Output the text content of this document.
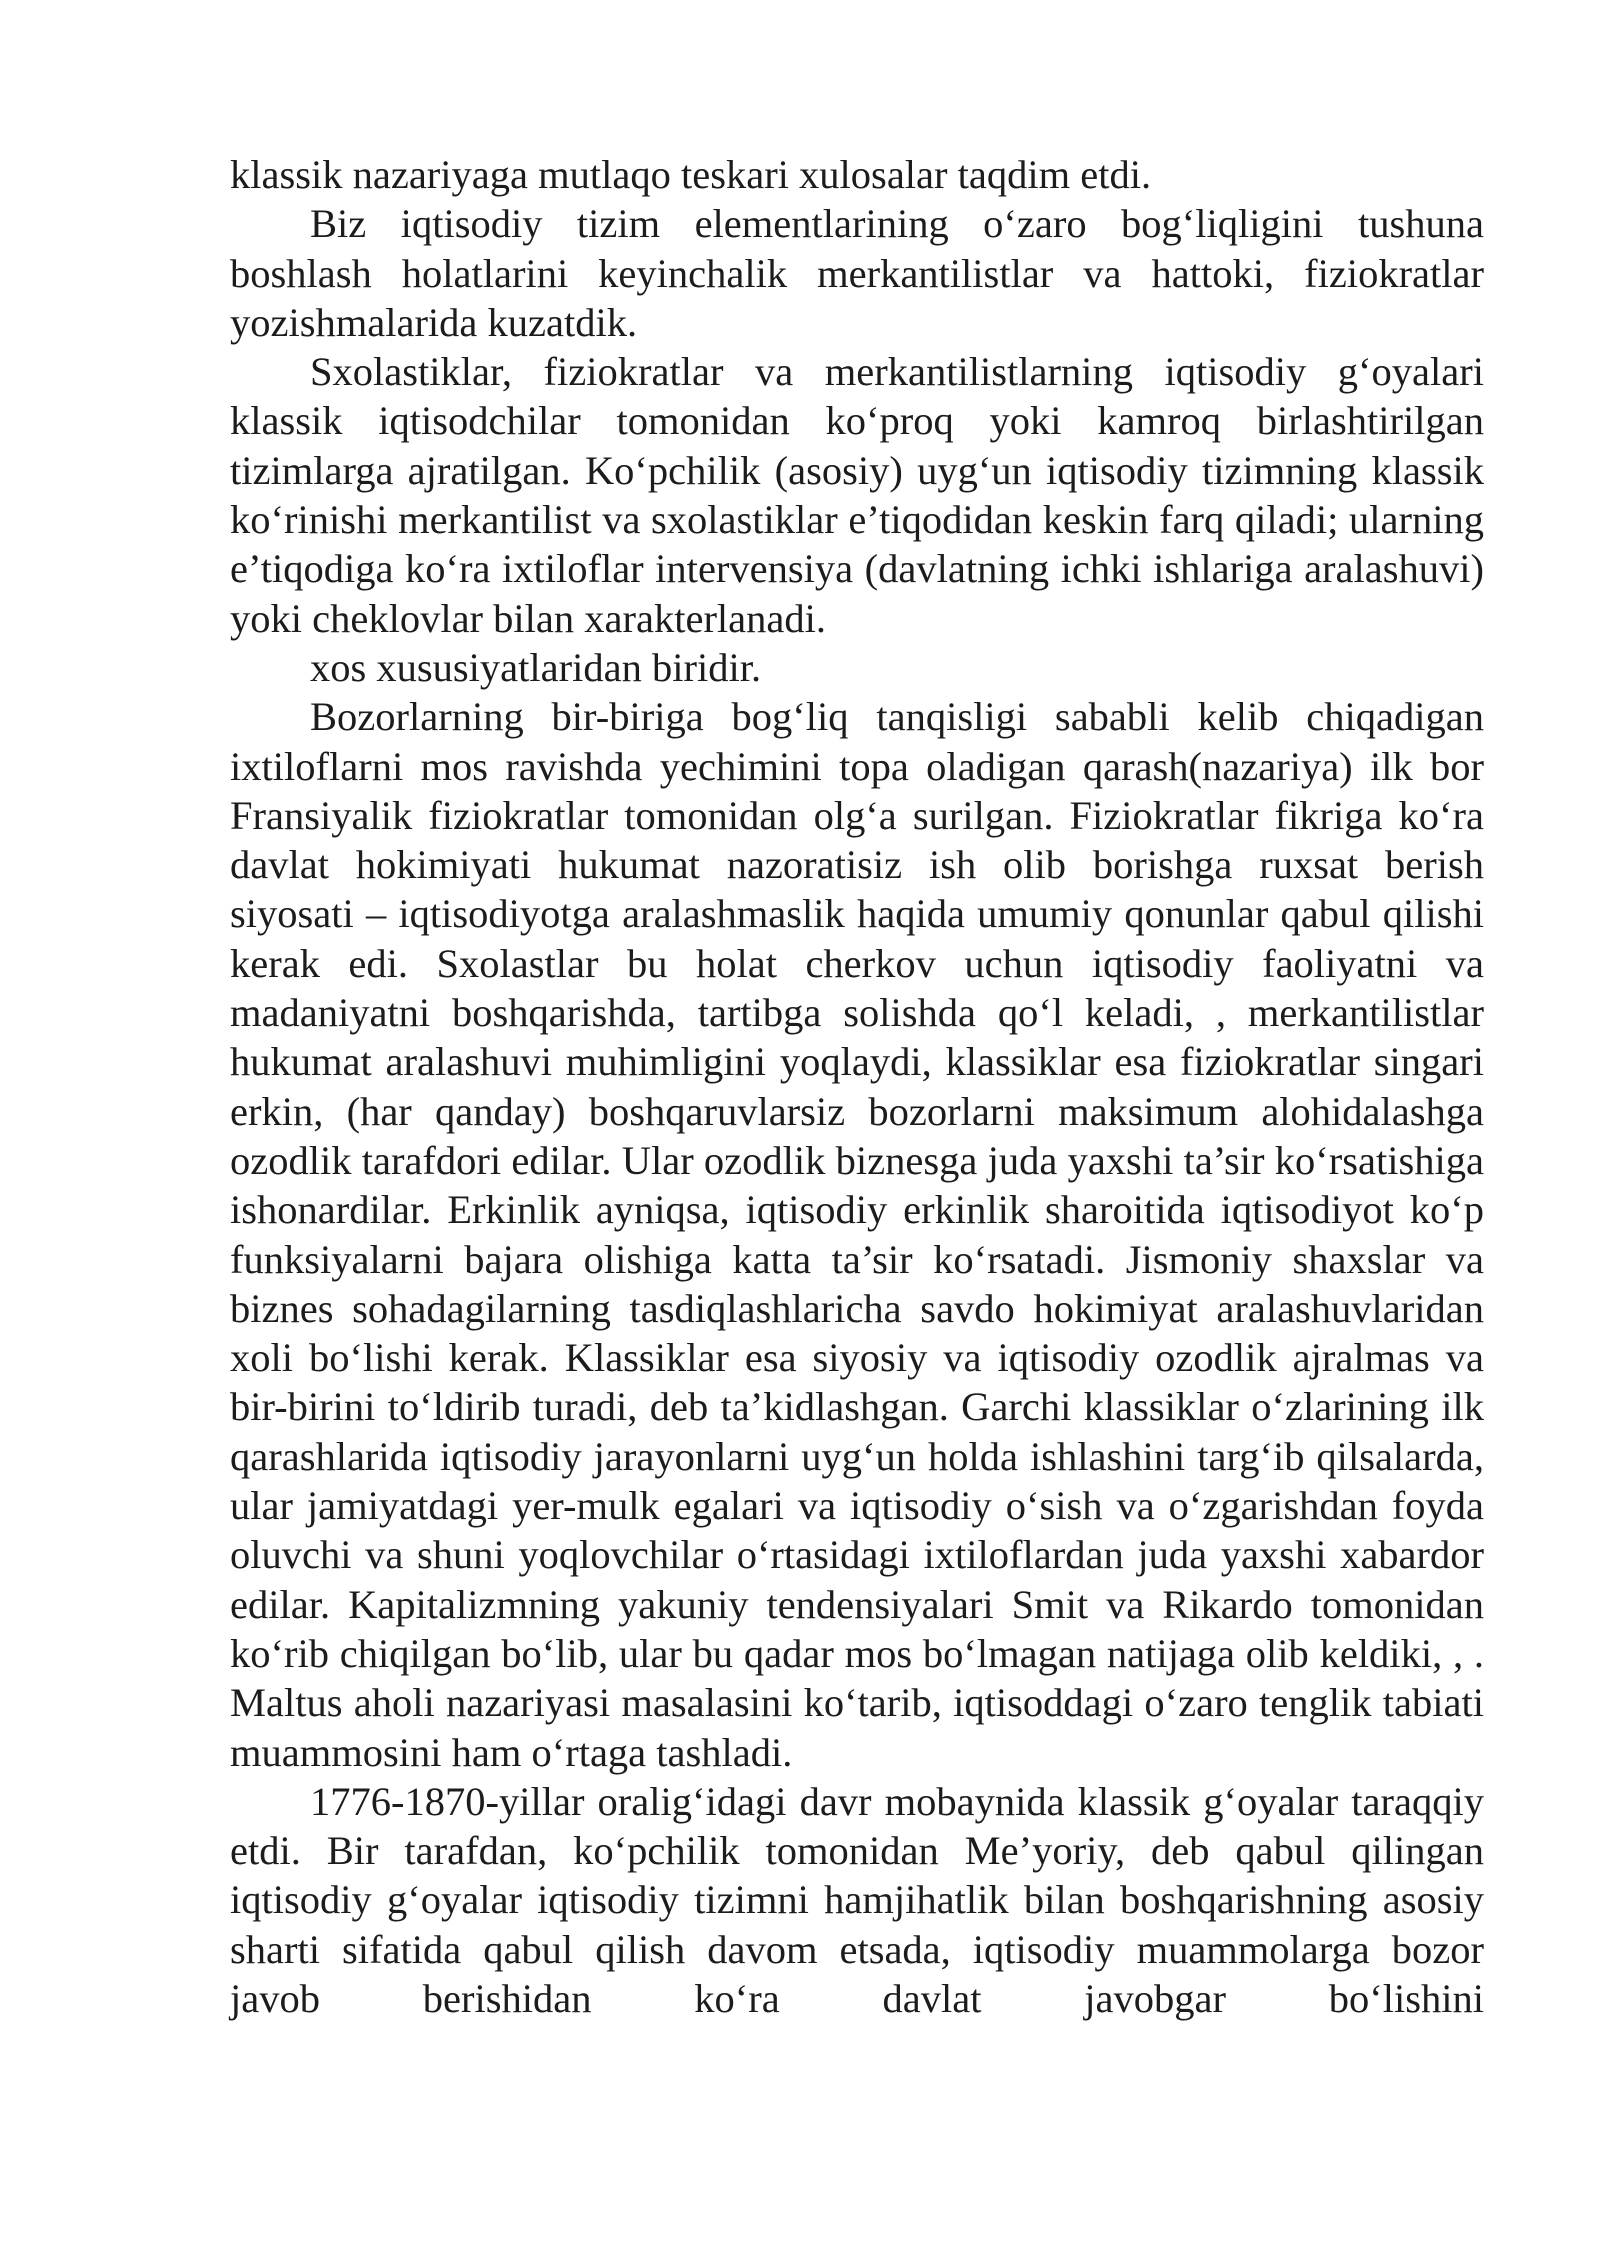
klassik nazariyaga mutlaqo teskari xulosalar taqdim etdi.

Biz iqtisodiy tizim elementlarining o‘zaro bog‘liqligini tushuna boshlash holatlarini keyinchalik merkantilistlar va hattoki, fiziokratlar yozishmalarida kuzatdik.

Sxolastiklar, fiziokratlar va merkantilistlarning iqtisodiy g‘oyalari klassik iqtisodchilar tomonidan ko‘proq yoki kamroq birlashtirilgan tizimlarga ajratilgan. Ko‘pchilik (asosiy) uyg‘un iqtisodiy tizimning klassik ko‘rinishi merkantilist va sxolastiklar e’tiqodidan keskin farq qiladi; ularning e’tiqodiga ko‘ra ixtiloflar intervensiya (davlatning ichki ishlariga aralashuvi) yoki cheklovlar bilan xarakterlanadi.

xos xususiyatlaridan biridir.

Bozorlarning bir-biriga bog‘liq tanqisligi sababli kelib chiqadigan ixtiloflarni mos ravishda yechimini topa oladigan qarash(nazariya) ilk bor Fransiyalik fiziokratlar tomonidan olg‘a surilgan. Fiziokratlar fikriga ko‘ra davlat hokimiyati hukumat nazoratisiz ish olib borishga ruxsat berish siyosati – iqtisodiyotga aralashmaslik haqida umumiy qonunlar qabul qilishi kerak edi. Sxolastlar bu holat cherkov uchun iqtisodiy faoliyatni va madaniyatni boshqarishda, tartibga solishda qo‘l keladi, , merkantilistlar hukumat aralashuvi muhimligini yoqlaydi, klassiklar esa fiziokratlar singari erkin, (har qanday) boshqaruvlarsiz bozorlarni maksimum alohidalashga ozodlik tarafdori edilar. Ular ozodlik biznesga juda yaxshi ta’sir ko‘rsatishiga ishonardilar. Erkinlik ayniqsa, iqtisodiy erkinlik sharoitida iqtisodiyot ko‘p funksiyalarni bajara olishiga katta ta’sir ko‘rsatadi. Jismoniy shaxslar va biznes sohadagilarning tasdiqlashlaricha savdo hokimiyat aralashuvlaridan xoli bo‘lishi kerak. Klassiklar esa siyosiy va iqtisodiy ozodlik ajralmas va bir-birini to‘ldirib turadi, deb ta’kidlashgan. Garchi klassiklar o‘zlarining ilk qarashlarida iqtisodiy jarayonlarni uyg‘un holda ishlashini targ‘ib qilsalarda, ular jamiyatdagi yer-mulk egalari va iqtisodiy o‘sish va o‘zgarishdan foyda oluvchi va shuni yoqlovchilar o‘rtasidagi ixtiloflardan juda yaxshi xabardor edilar. Kapitalizmning yakuniy tendensiyalari Smit va Rikardo tomonidan ko‘rib chiqilgan bo‘lib, ular bu qadar mos bo‘lmagan natijaga olib keldiki, , . Maltus aholi nazariyasi masalasini ko‘tarib, iqtisoddagi o‘zaro tenglik tabiati muammosini ham o‘rtaga tashladi.

1776-1870-yillar oralig‘idagi davr mobaynida klassik g‘oyalar taraqqiy etdi. Bir tarafdan, ko‘pchilik tomonidan Me’yoriy, deb qabul qilingan iqtisodiy g‘oyalar iqtisodiy tizimni hamjihatlik bilan boshqarishning asosiy sharti sifatida qabul qilish davom etsada, iqtisodiy muammolarga bozor javob berishidan ko‘ra davlat javobgar bo‘lishini
